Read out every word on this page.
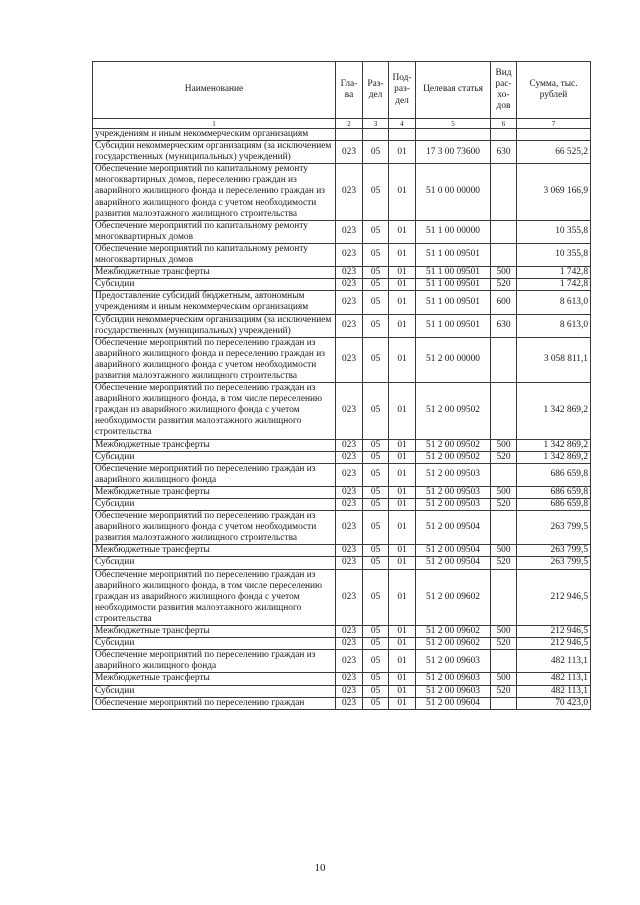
Наименование	Гла-ва	Раз-дел	Под-раз-дел	Целевая статья	Вид рас-хо-дов	Сумма, тыс. рублей
1	2	3	4	5	6	7
учреждениям и иным некоммерческим организациям						
Субсидии некоммерческим организациям (за исключением государственных (муниципальных) учреждений)	023	05	01	17 3 00 73600	630	66 525,2
Обеспечение мероприятий по капитальному ремонту многоквартирных домов, переселению граждан из аварийного жилищного фонда и переселению граждан из аварийного жилищного фонда с учетом необходимости развития малоэтажного жилищного строительства	023	05	01	51 0 00 00000		3 069 166,9
Обеспечение мероприятий по капитальному ремонту многоквартирных домов	023	05	01	51 1 00 00000		10 355,8
Обеспечение мероприятий по капитальному ремонту многоквартирных домов	023	05	01	51 1 00 09501		10 355,8
Межбюджетные трансферты	023	05	01	51 1 00 09501	500	1 742,8
Субсидии	023	05	01	51 1 00 09501	520	1 742,8
Предоставление субсидий бюджетным, автономным учреждениям и иным некоммерческим организациям	023	05	01	51 1 00 09501	600	8 613,0
Субсидии некоммерческим организациям (за исключением государственных (муниципальных) учреждений)	023	05	01	51 1 00 09501	630	8 613,0
Обеспечение мероприятий по переселению граждан из аварийного жилищного фонда и переселению граждан из аварийного жилищного фонда с учетом необходимости развития малоэтажного жилищного строительства	023	05	01	51 2 00 00000		3 058 811,1
Обеспечение мероприятий по переселению граждан из аварийного жилищного фонда, в том числе переселению граждан из аварийного жилищного фонда с учетом необходимости развития малоэтажного жилищного строительства	023	05	01	51 2 00 09502		1 342 869,2
Межбюджетные трансферты	023	05	01	51 2 00 09502	500	1 342 869,2
Субсидии	023	05	01	51 2 00 09502	520	1 342 869,2
Обеспечение мероприятий по переселению граждан из аварийного жилищного фонда	023	05	01	51 2 00 09503		686 659,8
Межбюджетные трансферты	023	05	01	51 2 00 09503	500	686 659,8
Субсидии	023	05	01	51 2 00 09503	520	686 659,8
Обеспечение мероприятий по переселению граждан из аварийного жилищного фонда с учетом необходимости развития малоэтажного жилищного строительства	023	05	01	51 2 00 09504		263 799,5
Межбюджетные трансферты	023	05	01	51 2 00 09504	500	263 799,5
Субсидии	023	05	01	51 2 00 09504	520	263 799,5
Обеспечение мероприятий по переселению граждан из аварийного жилищного фонда, в том числе переселению граждан из аварийного жилищного фонда с учетом необходимости развития малоэтажного жилищного строительства	023	05	01	51 2 00 09602		212 946,5
Межбюджетные трансферты	023	05	01	51 2 00 09602	500	212 946,5
Субсидии	023	05	01	51 2 00 09602	520	212 946,5
Обеспечение мероприятий по переселению граждан из аварийного жилищного фонда	023	05	01	51 2 00 09603		482 113,1
Межбюджетные трансферты	023	05	01	51 2 00 09603	500	482 113,1
Субсидии	023	05	01	51 2 00 09603	520	482 113,1
Обеспечение мероприятий по переселению граждан	023	05	01	51 2 00 09604		70 423,0
10
